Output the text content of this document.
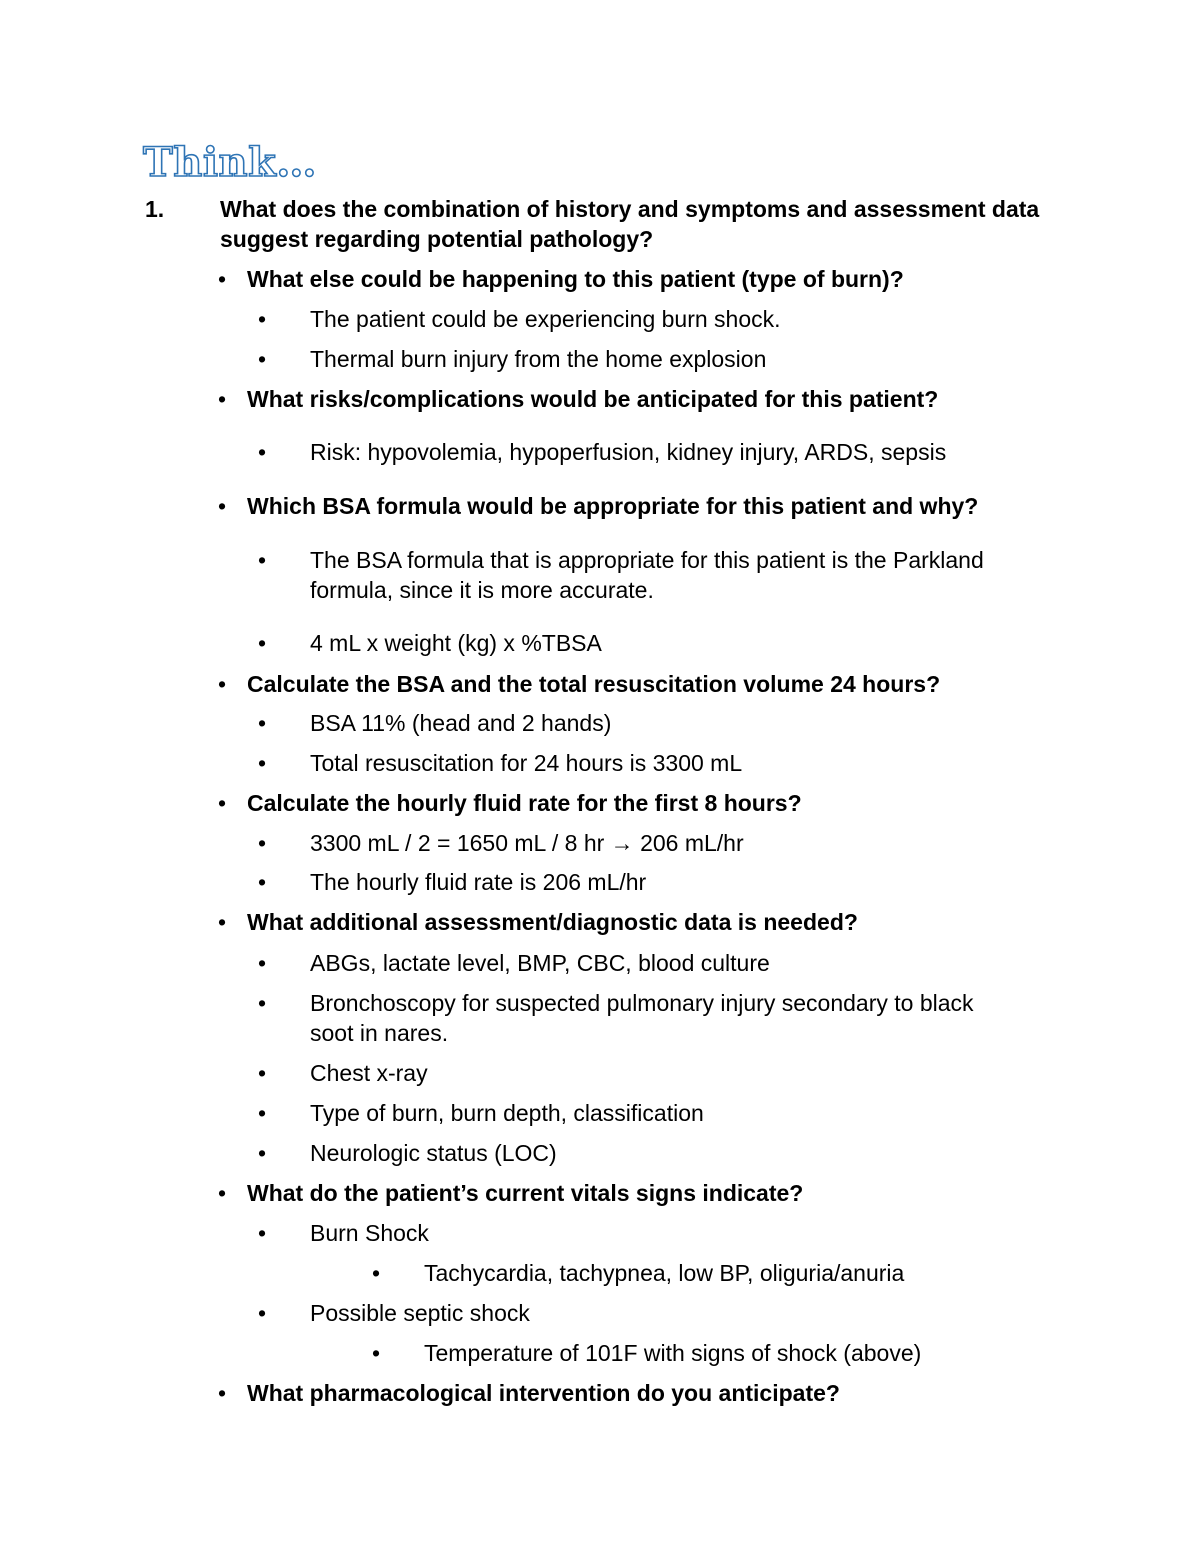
Think…
1. What does the combination of history and symptoms and assessment data suggest regarding potential pathology?
• What else could be happening to this patient (type of burn)?
• The patient could be experiencing burn shock.
• Thermal burn injury from the home explosion
• What risks/complications would be anticipated for this patient?
• Risk: hypovolemia, hypoperfusion, kidney injury, ARDS, sepsis
• Which BSA formula would be appropriate for this patient and why?
• The BSA formula that is appropriate for this patient is the Parkland formula, since it is more accurate.
• 4 mL x weight (kg) x %TBSA
• Calculate the BSA and the total resuscitation volume 24 hours?
• BSA 11% (head and 2 hands)
• Total resuscitation for 24 hours is 3300 mL
• Calculate the hourly fluid rate for the first 8 hours?
• 3300 mL / 2 = 1650 mL / 8 hr → 206 mL/hr
• The hourly fluid rate is 206 mL/hr
• What additional assessment/diagnostic data is needed?
• ABGs, lactate level, BMP, CBC, blood culture
• Bronchoscopy for suspected pulmonary injury secondary to black soot in nares.
• Chest x-ray
• Type of burn, burn depth, classification
• Neurologic status (LOC)
• What do the patient’s current vitals signs indicate?
• Burn Shock
• Tachycardia, tachypnea, low BP, oliguria/anuria
• Possible septic shock
• Temperature of 101F with signs of shock (above)
• What pharmacological intervention do you anticipate?
